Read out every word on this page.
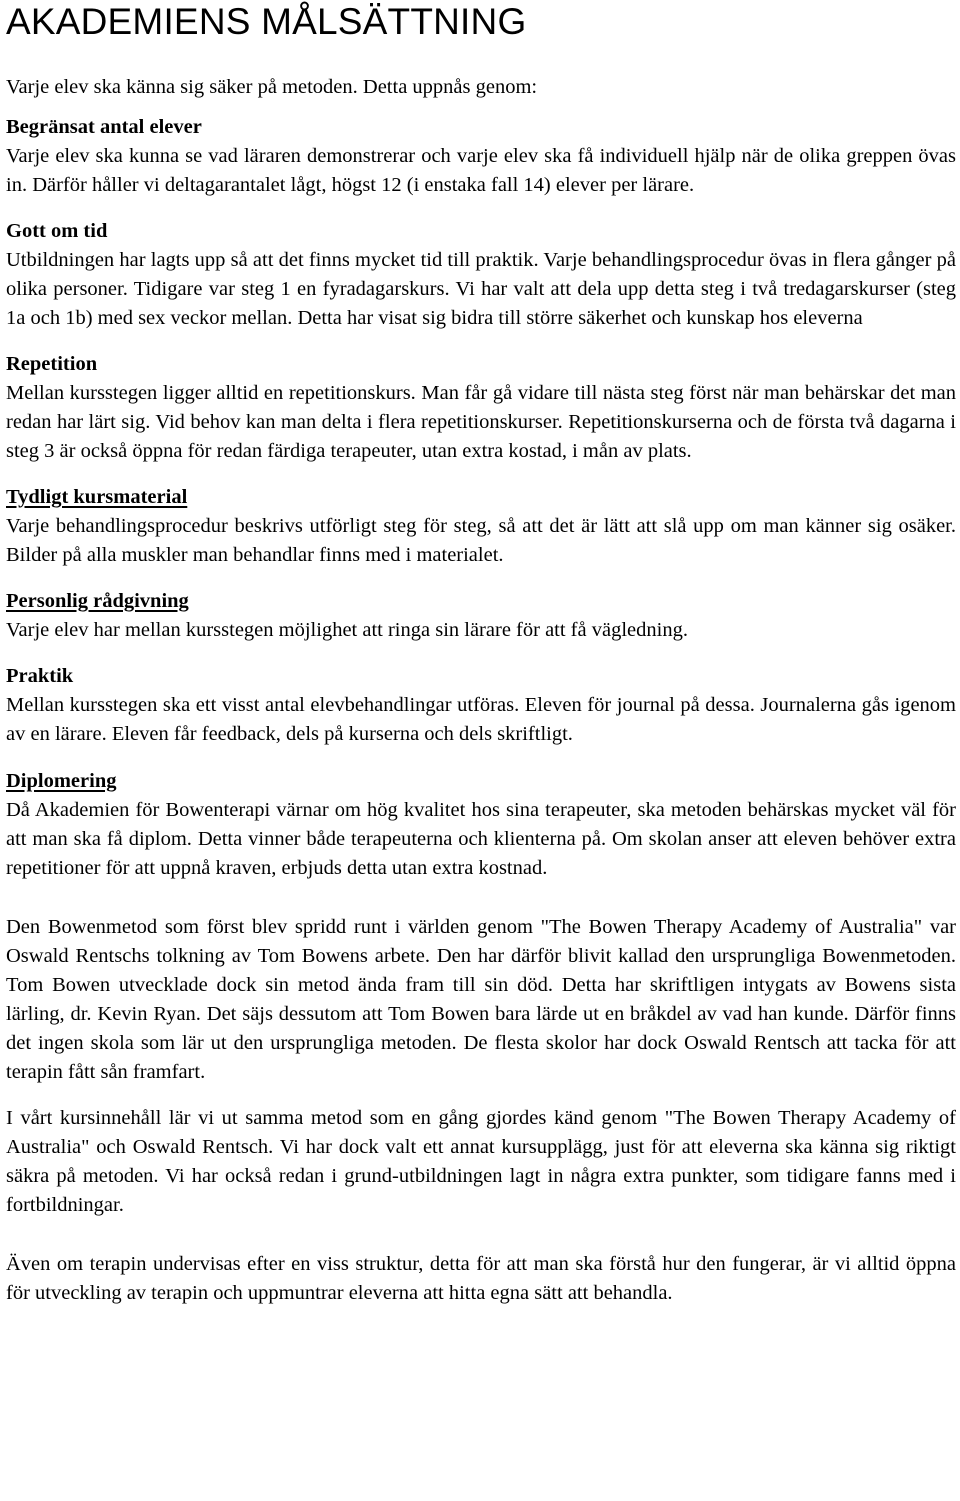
AKADEMIENS MÅLSÄTTNING

Varje elev ska känna sig säker på metoden. Detta uppnås genom:

Begränsat antal elever

Varje elev ska kunna se vad läraren demonstrerar och varje elev ska få individuell hjälp när de olika greppen övas in. Därför håller vi deltagarantalet lågt, högst 12 (i enstaka fall 14) elever per lärare.

Gott om tid

Utbildningen har lagts upp så att det finns mycket tid till praktik. Varje behandlingsprocedur övas in flera gånger på olika personer. Tidigare var steg 1 en fyradagarskurs. Vi har valt att dela upp detta steg i två tredagarskurser (steg 1a och 1b) med sex veckor mellan. Detta har visat sig bidra till större säkerhet och kunskap hos eleverna

Repetition

Mellan kursstegen ligger alltid en repetitionskurs. Man får gå vidare till nästa steg först när man behärskar det man redan har lärt sig. Vid behov kan man delta i flera repetitionskurser. Repetitionskurserna och de första två dagarna i steg 3 är också öppna för redan färdiga terapeuter, utan extra kostad, i mån av plats.

Tydligt kursmaterial

Varje behandlingsprocedur beskrivs utförligt steg för steg, så att det är lätt att slå upp om man känner sig osäker. Bilder på alla muskler man behandlar finns med i materialet.

Personlig rådgivning

Varje elev har mellan kursstegen möjlighet att ringa sin lärare för att få vägledning.

Praktik

Mellan kursstegen ska ett visst antal elevbehandlingar utföras. Eleven för journal på dessa. Journalerna gås igenom av en lärare. Eleven får feedback, dels på kurserna och dels skriftligt.

Diplomering

Då Akademien för Bowenterapi värnar om hög kvalitet hos sina terapeuter, ska metoden behärskas mycket väl för att man ska få diplom. Detta vinner både terapeuterna och klienterna på. Om skolan anser att eleven behöver extra repetitioner för att uppnå kraven, erbjuds detta utan extra kostnad.

Den Bowenmetod som först blev spridd runt i världen genom "The Bowen Therapy Academy of Australia" var Oswald Rentschs tolkning av Tom Bowens arbete. Den har därför blivit kallad den ursprungliga Bowenmetoden. Tom Bowen utvecklade dock sin metod ända fram till sin död. Detta har skriftligen intygats av Bowens sista lärling, dr. Kevin Ryan. Det säjs dessutom att Tom Bowen bara lärde ut en bråkdel av vad han kunde. Därför finns det ingen skola som lär ut den ursprungliga metoden. De flesta skolor har dock Oswald Rentsch att tacka för att terapin fått sån framfart.

I vårt kursinnehåll lär vi ut samma metod som en gång gjordes känd genom "The Bowen Therapy Academy of Australia" och Oswald Rentsch. Vi har dock valt ett annat kursupplägg, just för att eleverna ska känna sig riktigt säkra på metoden. Vi har också redan i grund-utbildningen lagt in några extra punkter, som tidigare fanns med i fortbildningar.

Även om terapin undervisas efter en viss struktur, detta för att man ska förstå hur den fungerar, är vi alltid öppna för utveckling av terapin och uppmuntrar eleverna att hitta egna sätt att behandla.
